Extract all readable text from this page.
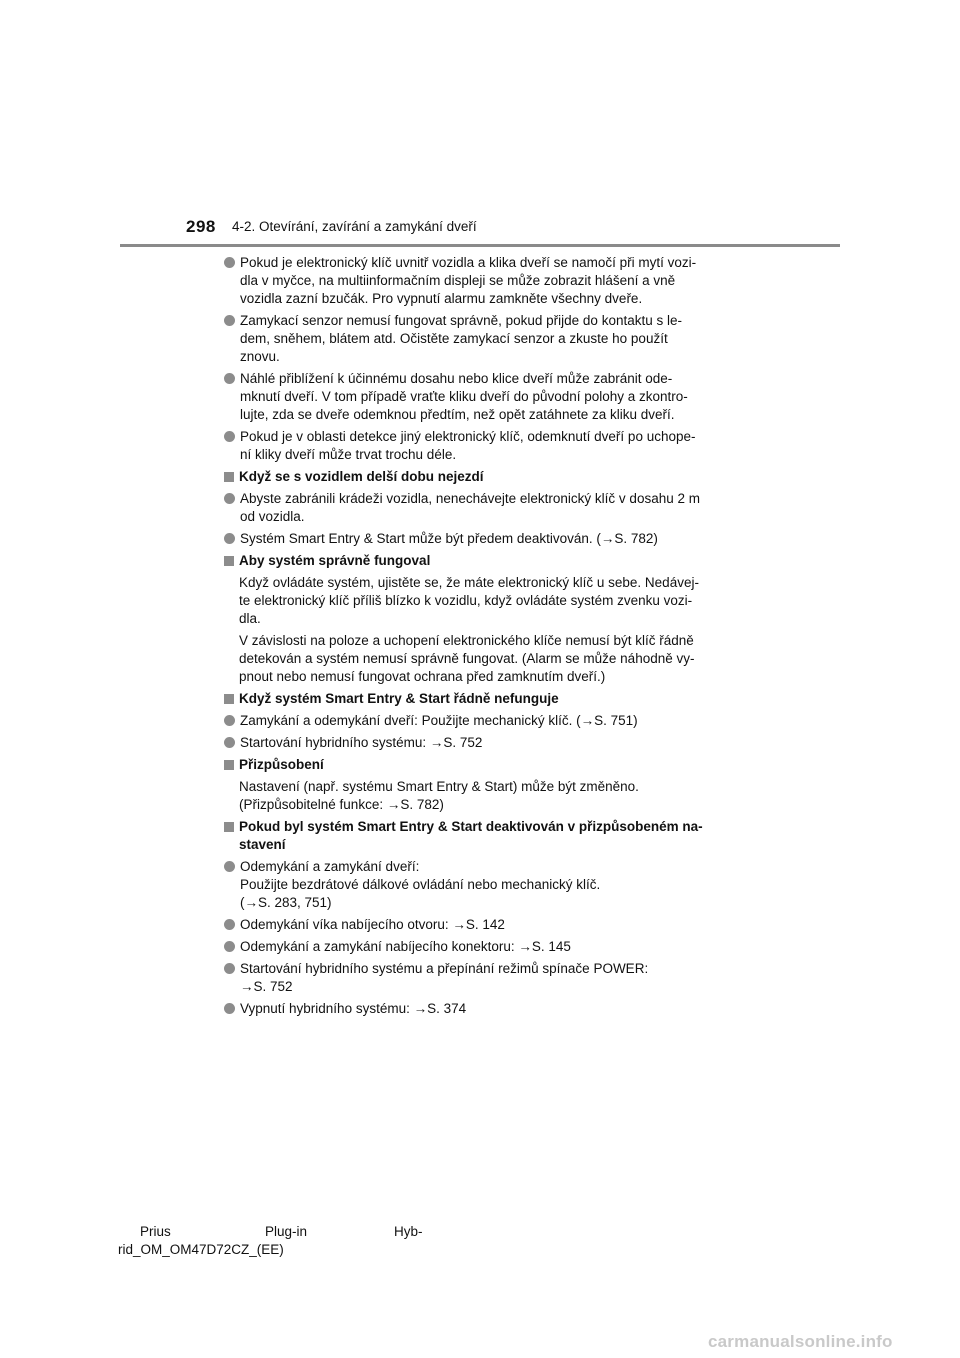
298 4-2. Otevírání, zavírání a zamykání dveří
Pokud je elektronický klíč uvnitř vozidla a klika dveří se namočí při mytí vozi-
dla v myčce, na multiinformačním displeji se může zobrazit hlášení a vně
vozidla zazní bzučák. Pro vypnutí alarmu zamkněte všechny dveře.
Zamykací senzor nemusí fungovat správně, pokud přijde do kontaktu s le-
dem, sněhem, blátem atd. Očistěte zamykací senzor a zkuste ho použít
znovu.
Náhlé přiblížení k účinnému dosahu nebo klice dveří může zabránit ode-
mknutí dveří. V tom případě vraťte kliku dveří do původní polohy a zkontro-
lujte, zda se dveře odemknou předtím, než opět zatáhnete za kliku dveří.
Pokud je v oblasti detekce jiný elektronický klíč, odemknutí dveří po uchope-
ní kliky dveří může trvat trochu déle.
Když se s vozidlem delší dobu nejezdí
Abyste zabránili krádeži vozidla, nenechávejte elektronický klíč v dosahu 2 m
od vozidla.
Systém Smart Entry & Start může být předem deaktivován. (→S. 782)
Aby systém správně fungoval
Když ovládáte systém, ujistěte se, že máte elektronický klíč u sebe. Nedávej-
te elektronický klíč příliš blízko k vozidlu, když ovládáte systém zvenku vozi-
dla.
V závislosti na poloze a uchopení elektronického klíče nemusí být klíč řádně
detekován a systém nemusí správně fungovat. (Alarm se může náhodně vy-
pnout nebo nemusí fungovat ochrana před zamknutím dveří.)
Když systém Smart Entry & Start řádně nefunguje
Zamykání a odemykání dveří: Použijte mechanický klíč. (→S. 751)
Startování hybridního systému: →S. 752
Přizpůsobení
Nastavení (např. systému Smart Entry & Start) může být změněno.
(Přizpůsobitelné funkce: →S. 782)
Pokud byl systém Smart Entry & Start deaktivován v přizpůsobeném na-
stavení
Odemykání a zamykání dveří:
Použijte bezdrátové dálkové ovládání nebo mechanický klíč.
(→S. 283, 751)
Odemykání víka nabíjecího otvoru: →S. 142
Odemykání a zamykání nabíjecího konektoru: →S. 145
Startování hybridního systému a přepínání režimů spínače POWER:
→S. 752
Vypnutí hybridního systému: →S. 374
Prius	Plug-in	Hyb-
rid_OM_OM47D72CZ_(EE)
carmanualsonline.info
